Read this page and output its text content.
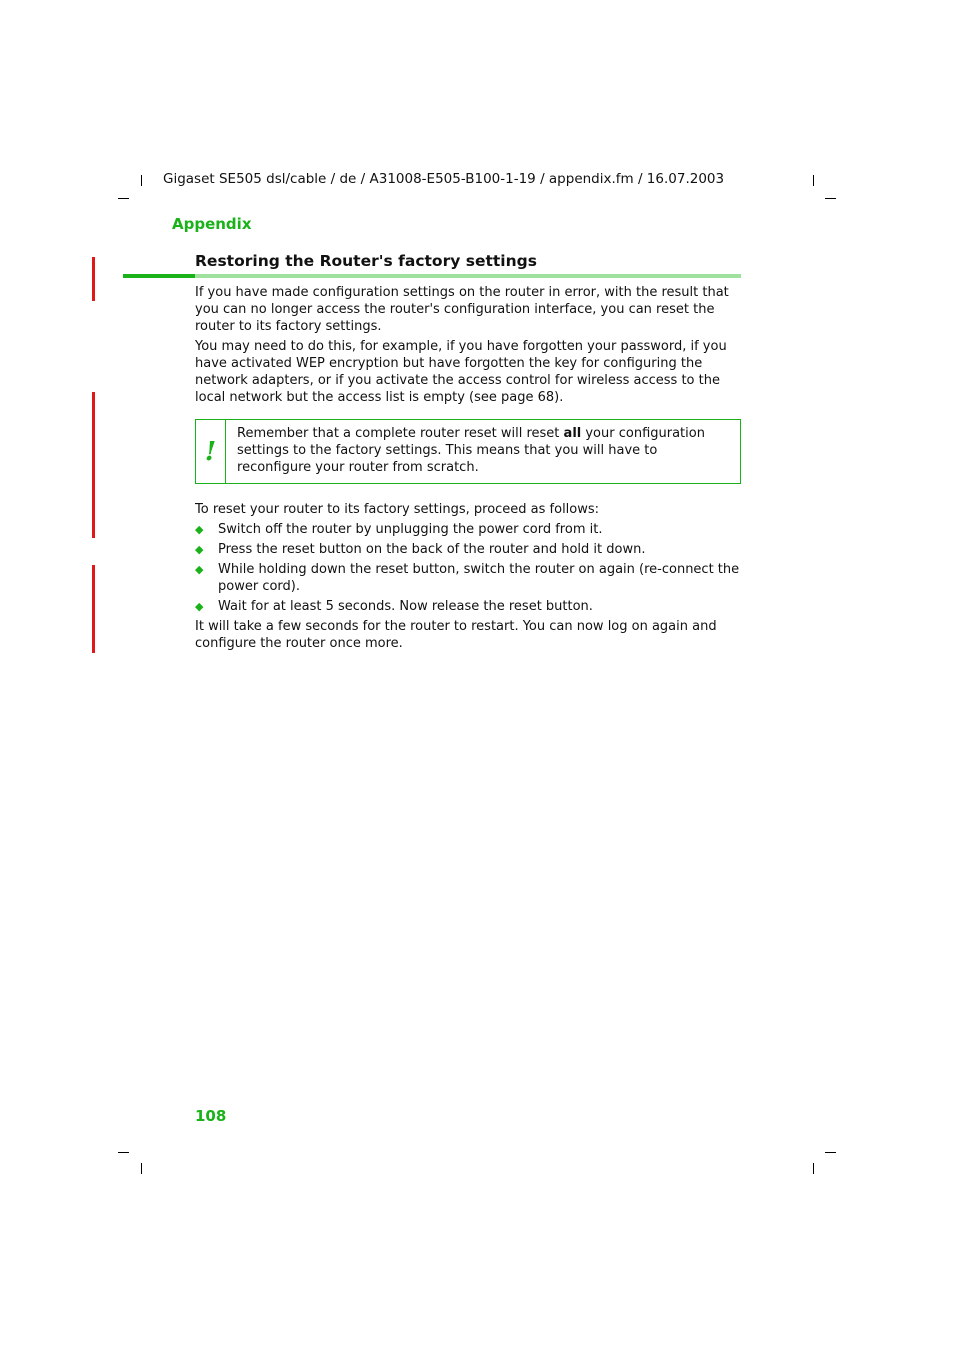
Gigaset SE505 dsl/cable / de / A31008-E505-B100-1-19 / appendix.fm / 16.07.2003
Appendix
Restoring the Router's factory settings
If you have made configuration settings on the router in error, with the result that you can no longer access the router's configuration interface, you can reset the router to its factory settings.
You may need to do this, for example, if you have forgotten your password, if you have activated WEP encryption but have forgotten the key for configuring the network adapters, or if you activate the access control for wireless access to the local network but the access list is empty (see page 68).
!
Remember that a complete router reset will reset all your configuration settings to the factory settings. This means that you will have to reconfigure your router from scratch.
To reset your router to its factory settings, proceed as follows:
◆ Switch off the router by unplugging the power cord from it.
◆ Press the reset button on the back of the router and hold it down.
◆ While holding down the reset button, switch the router on again (re-connect the power cord).
◆ Wait for at least 5 seconds. Now release the reset button.
It will take a few seconds for the router to restart. You can now log on again and configure the router once more.
108
